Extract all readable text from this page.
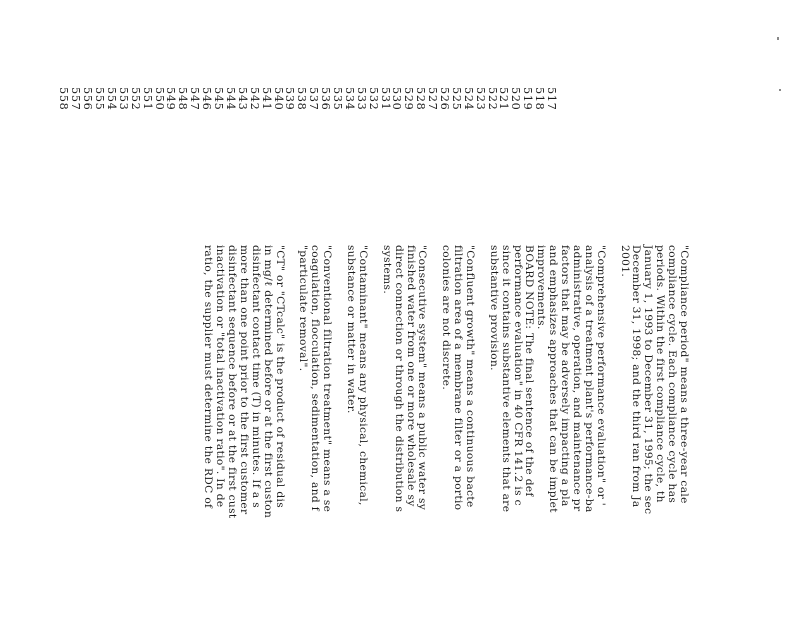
517
518
519
520
521
522
523
524
525
526
527
528
529
530
531
532
533
534
535
536
537
538
539
540
541
542
543
544
545
546
547
548
549
550
551
552
553
554
555
556
557
558
"Compliance period" means a three-year cale
compliance cycle. Each compliance cycle has
periods. Within the first compliance cycle, th
January 1, 1993 to December 31, 1995; the sec
December 31, 1998; and the third ran from Ja
2001.
"Comprehensive performance evaluation" or '
analysis of a treatment plant's performance-ba
administrative, operation, and maintenance pr
factors that may be adversely impacting a pla
and emphasizes approaches that can be implet
improvements.
BOARD NOTE: The final sentence of the def
performance evaluation" in 40 CFR 141.2 is c
since it contains substantive elements that are
substantive provision.
"Confluent growth" means a continuous bacte
filtration area of a membrane filter or a portio
colonies are not discrete.
"Consecutive system" means a public water sy
finished water from one or more wholesale sy
direct connection or through the distribution s
systems.
"Contaminant" means any physical, chemical,
substance or matter in water.
"Conventional filtration treatment" means a se
coagulation, flocculation, sedimentation, and f
"particulate removal".
"CT" or "CTcalc" is the product of residual dis
in mg/ℓ determined before or at the first custon
disinfectant contact time (T) in minutes. If a s
more than one point prior to the first customer
disinfectant sequence before or at the first cust
inactivation or "total inactivation ratio". In de
ratio, the supplier must determine the RDC of
